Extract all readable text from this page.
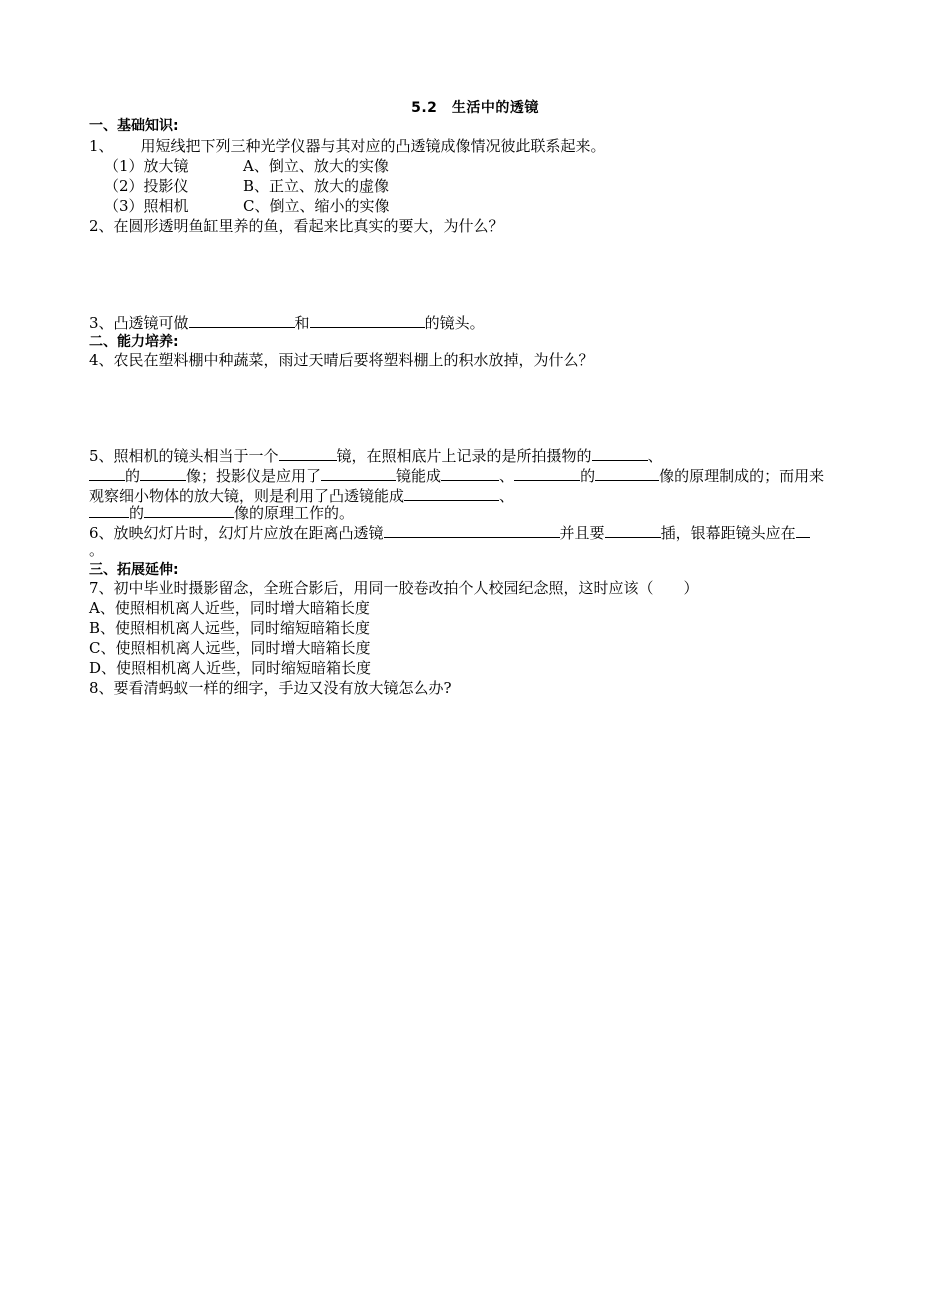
5.2　生活中的透镜
一、基础知识:
1、 用短线把下列三种光学仪器与其对应的凸透镜成像情况彼此联系起来。
（1）放大镜	A、倒立、放大的实像
（2）投影仪	B、正立、放大的虚像
（3）照相机	C、倒立、缩小的实像
2、在圆形透明鱼缸里养的鱼，看起来比真实的要大，为什么？
3、凸透镜可做	和	的镜头。
二、能力培养:
4、农民在塑料棚中种蔬菜，雨过天晴后要将塑料棚上的积水放掉，为什么？
5、照相机的镜头相当于一个	镜，在照相底片上记录的是所拍摄物的	、
的	像；投影仪是应用了	镜能成	、	的	像的原理制成的；而用来
观察细小物体的放大镜，则是利用了凸透镜能成	、
的	像的原理工作的。
6、放映幻灯片时，幻灯片应放在距离凸透镜	并且要	插，银幕距镜头应在
。
三、拓展延伸:
7、初中毕业时摄影留念，全班合影后，用同一胶卷改拍个人校园纪念照，这时应该（　　）
A、使照相机离人近些，同时增大暗箱长度
B、使照相机离人远些，同时缩短暗箱长度
C、使照相机离人远些，同时增大暗箱长度
D、使照相机离人近些，同时缩短暗箱长度
8、要看清蚂蚁一样的细字，手边又没有放大镜怎么办?
